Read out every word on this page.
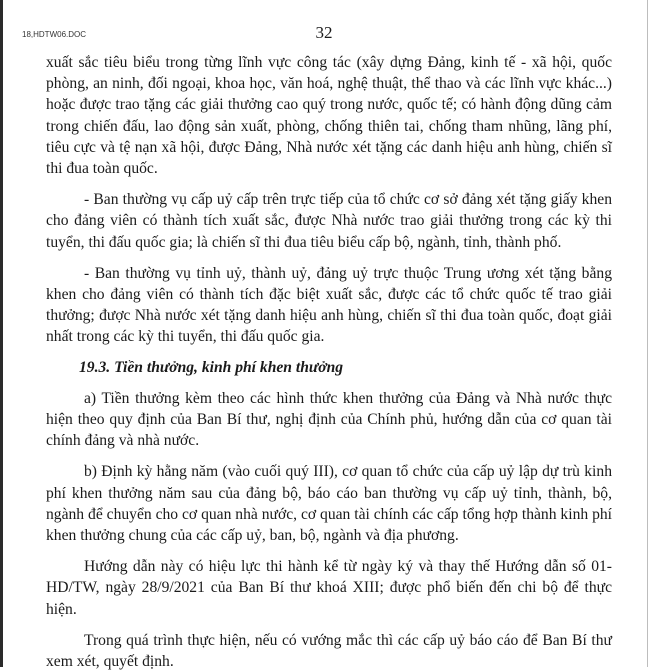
18,HDTW06.DOC	32

xuất sắc tiêu biểu trong từng lĩnh vực công tác (xây dựng Đảng, kinh tế - xã hội, quốc phòng, an ninh, đối ngoại, khoa học, văn hoá, nghệ thuật, thể thao và các lĩnh vực khác...) hoặc được trao tặng các giải thưởng cao quý trong nước, quốc tế; có hành động dũng cảm trong chiến đấu, lao động sản xuất, phòng, chống thiên tai, chống tham nhũng, lãng phí, tiêu cực và tệ nạn xã hội, được Đảng, Nhà nước xét tặng các danh hiệu anh hùng, chiến sĩ thi đua toàn quốc.

- Ban thường vụ cấp uỷ cấp trên trực tiếp của tổ chức cơ sở đảng xét tặng giấy khen cho đảng viên có thành tích xuất sắc, được Nhà nước trao giải thưởng trong các kỳ thi tuyển, thi đấu quốc gia; là chiến sĩ thi đua tiêu biểu cấp bộ, ngành, tỉnh, thành phố.

- Ban thường vụ tỉnh uỷ, thành uỷ, đảng uỷ trực thuộc Trung ương xét tặng bằng khen cho đảng viên có thành tích đặc biệt xuất sắc, được các tổ chức quốc tế trao giải thưởng; được Nhà nước xét tặng danh hiệu anh hùng, chiến sĩ thi đua toàn quốc, đoạt giải nhất trong các kỳ thi tuyển, thi đấu quốc gia.

19.3. Tiền thưởng, kinh phí khen thưởng

a) Tiền thưởng kèm theo các hình thức khen thưởng của Đảng và Nhà nước thực hiện theo quy định của Ban Bí thư, nghị định của Chính phủ, hướng dẫn của cơ quan tài chính đảng và nhà nước.

b) Định kỳ hằng năm (vào cuối quý III), cơ quan tổ chức của cấp uỷ lập dự trù kinh phí khen thưởng năm sau của đảng bộ, báo cáo ban thường vụ cấp uỷ tỉnh, thành, bộ, ngành để chuyển cho cơ quan nhà nước, cơ quan tài chính các cấp tổng hợp thành kinh phí khen thưởng chung của các cấp uỷ, ban, bộ, ngành và địa phương.

Hướng dẫn này có hiệu lực thi hành kể từ ngày ký và thay thế Hướng dẫn số 01-HD/TW, ngày 28/9/2021 của Ban Bí thư khoá XIII; được phổ biến đến chi bộ để thực hiện.

Trong quá trình thực hiện, nếu có vướng mắc thì các cấp uỷ báo cáo để Ban Bí thư xem xét, quyết định.
